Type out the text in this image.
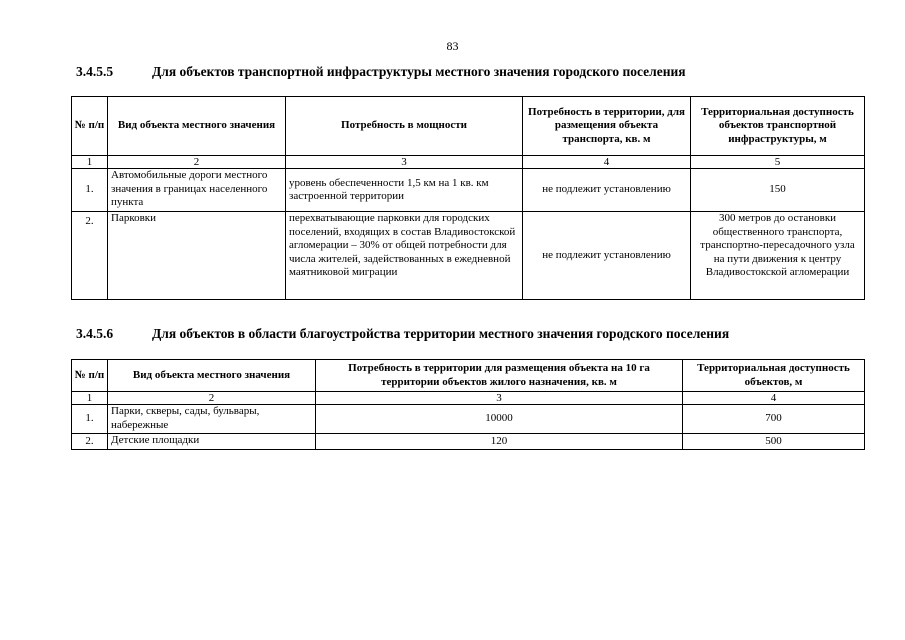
83
3.4.5.5	Для объектов транспортной инфраструктуры местного значения городского поселения
№ п/п	Вид объекта местного значения	Потребность в мощности	Потребность в территории, для размещения объекта транспорта, кв. м	Территориальная доступность объектов транспортной инфраструктуры, м
1	2	3	4	5
1.	Автомобильные дороги местного значения в границах населенного пункта	уровень обеспеченности 1,5 км на 1 кв. км застроенной территории	не подлежит установлению	150
2.	Парковки	перехватывающие парковки для городских поселений, входящих в состав Владивостокской агломерации – 30% от общей потребности для числа жителей, задействованных в ежедневной маятниковой миграции	не подлежит установлению	300 метров до остановки общественного транспорта, транспортно-пересадочного узла на пути движения к центру Владивостокской агломерации
3.4.5.6	Для объектов в области благоустройства территории местного значения городского поселения
№ п/п	Вид объекта местного значения	Потребность в территории для размещения объекта на 10 га территории объектов жилого назначения, кв. м	Территориальная доступность объектов, м
1	2	3	4
1.	Парки, скверы, сады, бульвары, набережные	10000	700
2.	Детские площадки	120	500
